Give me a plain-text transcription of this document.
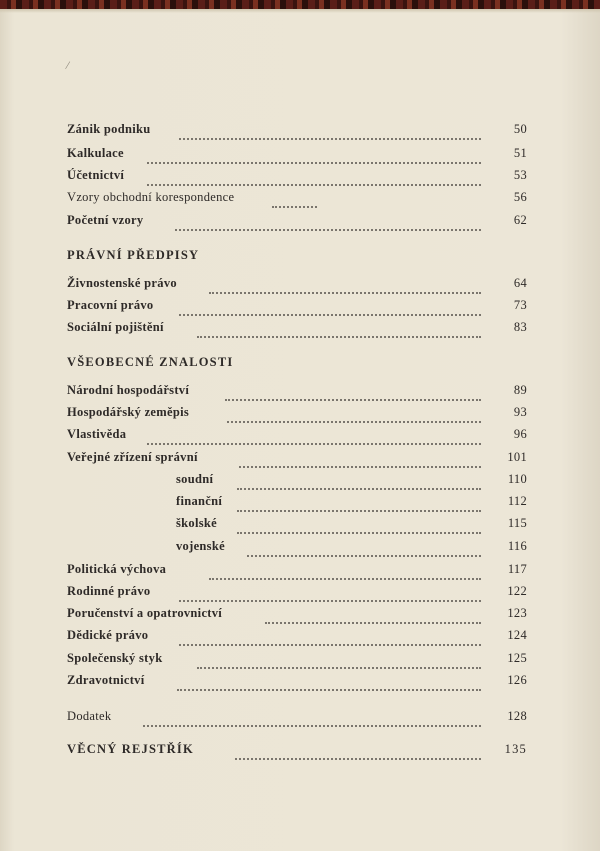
/
Zánik podniku	50
Kalkulace	51
Účetnictví	53
Vzory obchodní korespondence	56
Početní vzory	62
PRÁVNÍ PŘEDPISY
Živnostenské právo	64
Pracovní právo	73
Sociální pojištění	83
VŠEOBECNÉ ZNALOSTI
Národní hospodářství	89
Hospodářský zeměpis	93
Vlastivěda	96
Veřejné zřízení správní	101
soudní	110
finanční	112
školské	115
vojenské	116
Politická výchova	117
Rodinné právo	122
Poručenství a opatrovnictví	123
Dědické právo	124
Společenský styk	125
Zdravotnictví	126
Dodatek	128
VĚCNÝ REJSTŘÍK	135
